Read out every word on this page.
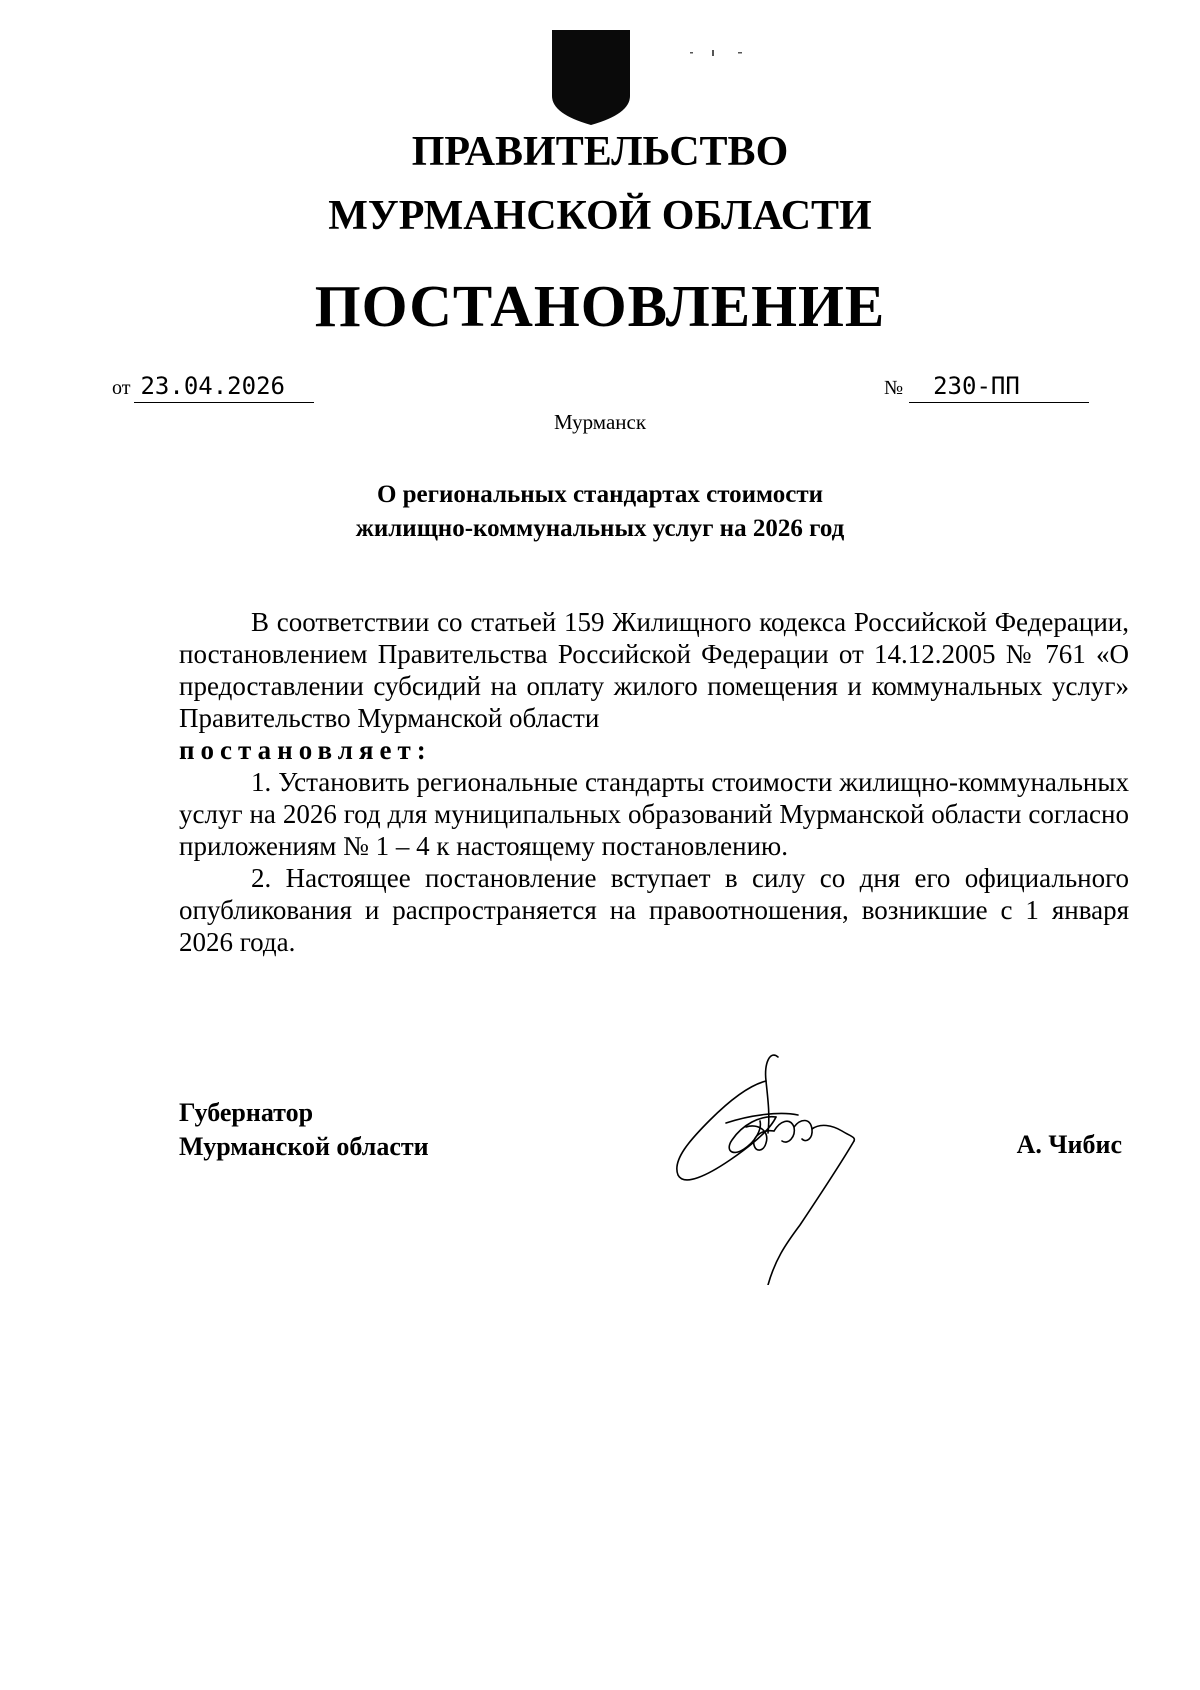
ПРАВИТЕЛЬСТВО
МУРМАНСКОЙ ОБЛАСТИ
ПОСТАНОВЛЕНИЕ
от 23.04.2026	№ 230-ПП
Мурманск
О региональных стандартах стоимости
жилищно-коммунальных услуг на 2026 год

В соответствии со статьей 159 Жилищного кодекса Российской Федерации, постановлением Правительства Российской Федерации от 14.12.2005 № 761 «О предоставлении субсидий на оплату жилого помещения и коммунальных услуг» Правительство Мурманской области

постановляет:

1. Установить региональные стандарты стоимости жилищно-коммунальных услуг на 2026 год для муниципальных образований Мурманской области согласно приложениям № 1 – 4 к настоящему постановлению.

2. Настоящее постановление вступает в силу со дня его официального опубликования и распространяется на правоотношения, возникшие с 1 января 2026 года.

Губернатор
Мурманской области	А. Чибис
